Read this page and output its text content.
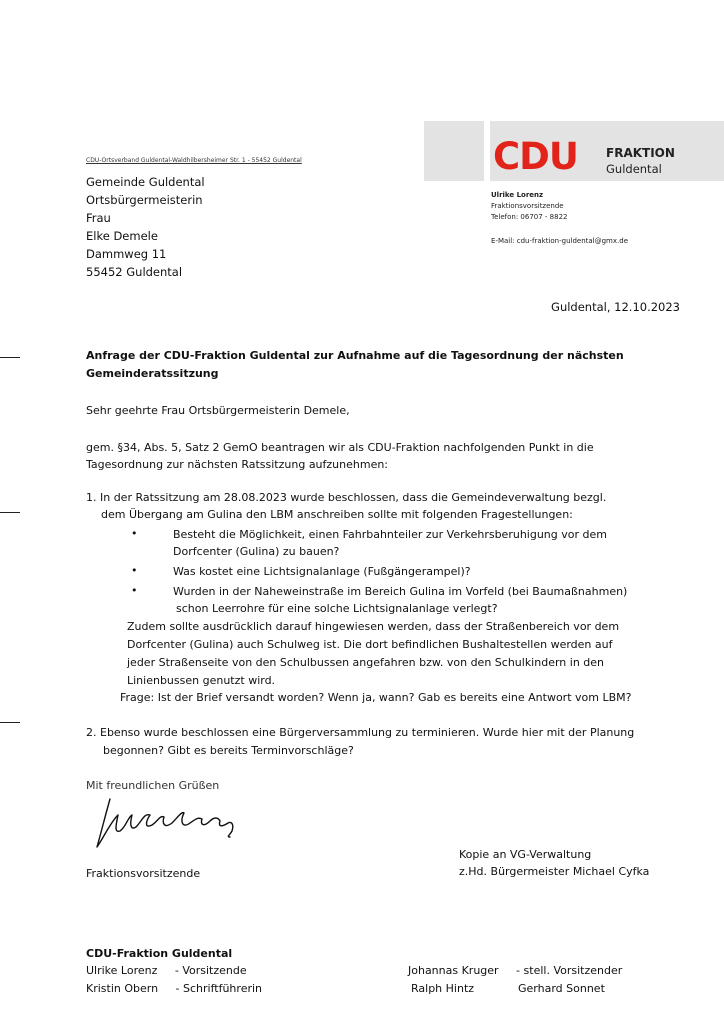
CDU FRAKTION
Guldental
CDU-Ortsverband Guldental-Waldhilbersheimer Str. 1 - 55452 Guldental
Gemeinde Guldental
Ortsbürgermeisterin
Frau
Elke Demele
Dammweg 11
55452 Guldental
Ulrike Lorenz
Fraktionsvorsitzende
Telefon: 06707 - 8822
E-Mail: cdu-fraktion-guldental@gmx.de
Guldental, 12.10.2023
Anfrage der CDU-Fraktion Guldental zur Aufnahme auf die Tagesordnung der nächsten
Gemeinderatssitzung
Sehr geehrte Frau Ortsbürgermeisterin Demele,
gem. §34, Abs. 5, Satz 2 GemO beantragen wir als CDU-Fraktion nachfolgenden Punkt in die
Tagesordnung zur nächsten Ratssitzung aufzunehmen:
1. In der Ratssitzung am 28.08.2023 wurde beschlossen, dass die Gemeindeverwaltung bezgl.
dem Übergang am Gulina den LBM anschreiben sollte mit folgenden Fragestellungen:
•	Besteht die Möglichkeit, einen Fahrbahnteiler zur Verkehrsberuhigung vor dem
Dorfcenter (Gulina) zu bauen?
•	Was kostet eine Lichtsignalanlage (Fußgängerampel)?
•	Wurden in der Naheweinstraße im Bereich Gulina im Vorfeld (bei Baumaßnahmen)
schon Leerrohre für eine solche Lichtsignalanlage verlegt?
Zudem sollte ausdrücklich darauf hingewiesen werden, dass der Straßenbereich vor dem
Dorfcenter (Gulina) auch Schulweg ist. Die dort befindlichen Bushaltestellen werden auf
jeder Straßenseite von den Schulbussen angefahren bzw. von den Schulkindern in den
Linienbussen genutzt wird.
Frage: Ist der Brief versandt worden? Wenn ja, wann? Gab es bereits eine Antwort vom LBM?
2. Ebenso wurde beschlossen eine Bürgerversammlung zu terminieren. Wurde hier mit der Planung
begonnen? Gibt es bereits Terminvorschläge?
Mit freundlichen Grüßen
Fraktionsvorsitzende
Kopie an VG-Verwaltung
z.Hd. Bürgermeister Michael Cyfka
CDU-Fraktion Guldental
Ulrike Lorenz     - Vorsitzende
Kristin Obern     - Schriftführerin
Johannas Kruger     - stell. Vorsitzender
Ralph Hintz	Gerhard Sonnet
